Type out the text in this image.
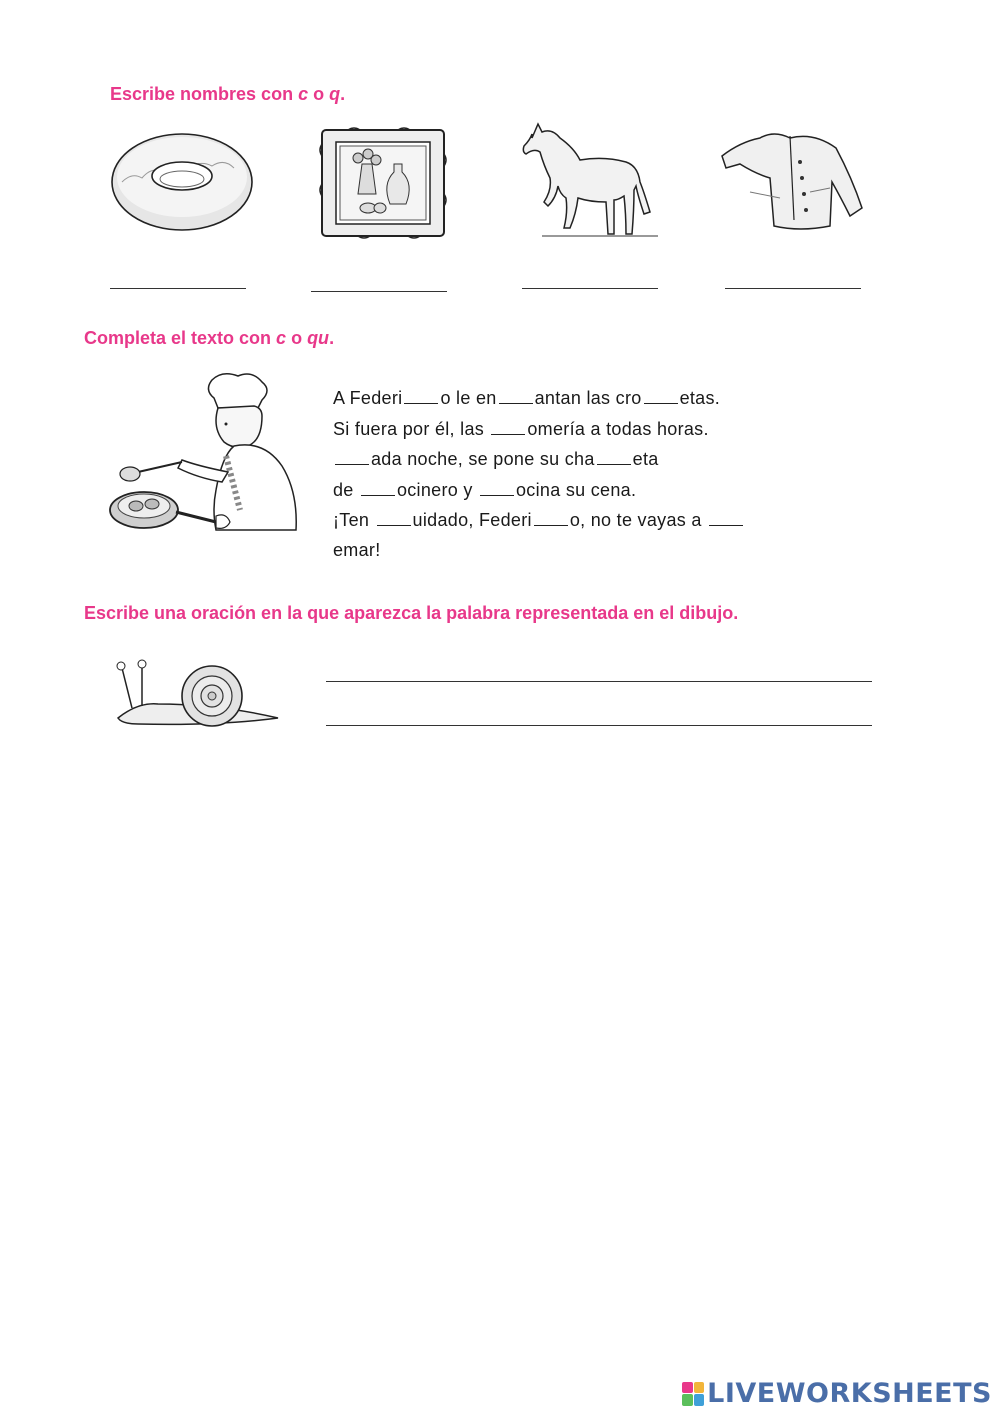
Escribe nombres con c o q.
Completa el texto con c o qu.
A Federi o le en antan las cro etas.
Si fuera por él, las omería a todas horas.
ada noche, se pone su cha eta
de ocinero y ocina su cena.
¡Ten uidado, Federi o, no te vayas a
emar!
Escribe una oración en la que aparezca la palabra representada en el dibujo.
LIVEWORKSHEETS
